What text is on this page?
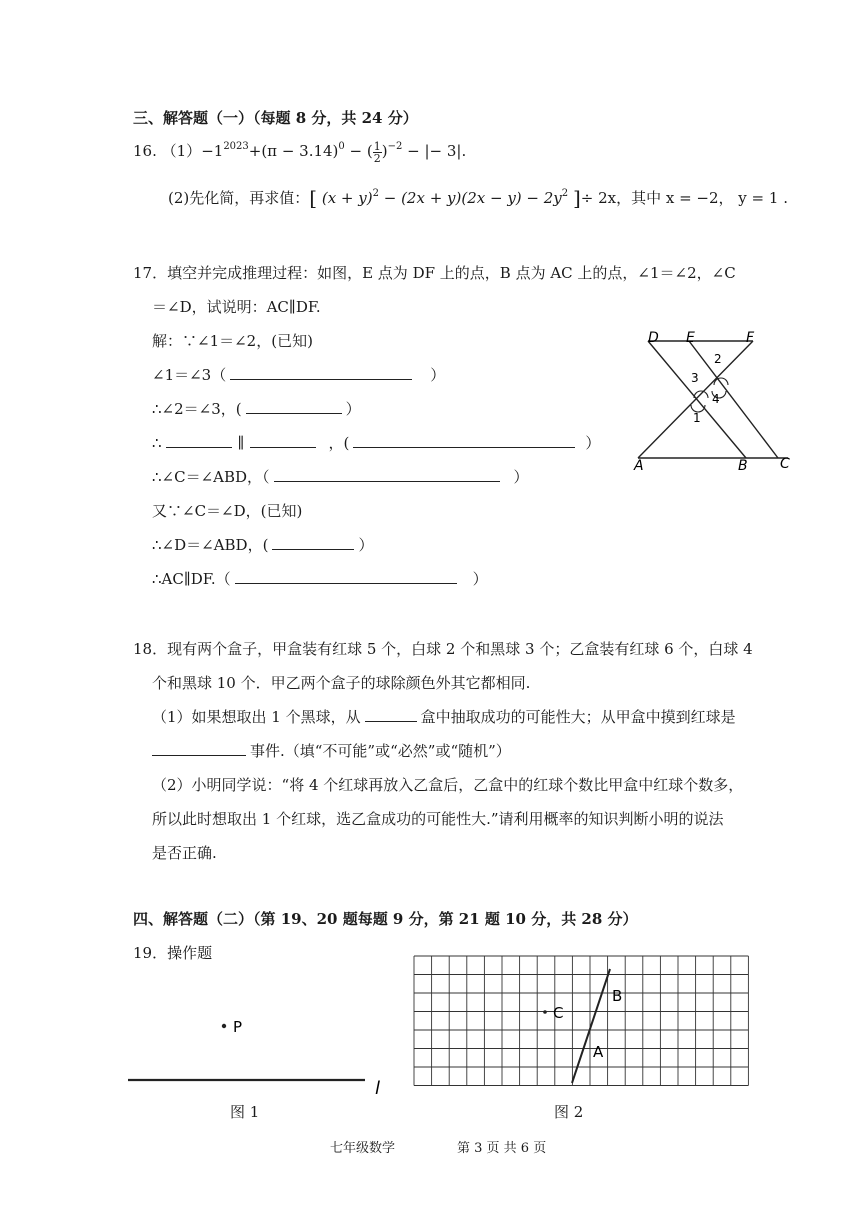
三、解答题（一）（每题 8 分，共 24 分）
16. $(1)-1^{2023}+(\pi - 3.14)^0$ − ( $\frac{1}{2} )^{-2}$ − |− 3|.
(2)先化简，再求值：[ $(x + y)^2 - (2x + y)(2x - y) - 2y^2$ ]÷ 2x，其中 x = −2， y = 1 .
17．填空并完成推理过程：如图，E 点为 DF 上的点，B 点为 AC 上的点，∠1＝∠2，∠C
＝∠D，试说明：AC∥DF.
解：∵∠1＝∠2，(已知)
∠1＝∠3（	）
∴∠2＝∠3，(	）
∴	∥	，(	）
∴∠C＝∠ABD，（	）
又∵∠C＝∠D，(已知)
∴∠D＝∠ABD，(	）
∴AC∥DF.（	）
D E	F
A	B C
2
4
3
1
18．现有两个盒子，甲盒装有红球 5 个，白球 2 个和黑球 3 个；乙盒装有红球 6 个，白球 4
个和黑球 10 个．甲乙两个盒子的球除颜色外其它都相同.
（1）如果想取出 1 个黑球，从	盒中抽取成功的可能性大；从甲盒中摸到红球是
事件.（填“不可能”或“必然”或“随机”）
（2）小明同学说：“将 4 个红球再放入乙盒后，乙盒中的红球个数比甲盒中红球个数多，
所以此时想取出 1 个红球，选乙盒成功的可能性大.”请利用概率的知识判断小明的说法
是否正确.
四、解答题（二）（第 19、20 题每题 9 分，第 21 题 10 分，共 28 分）
19．操作题
P
l
图 1
C
B
A
图 2
七年级数学	第 3 页 共 6 页
